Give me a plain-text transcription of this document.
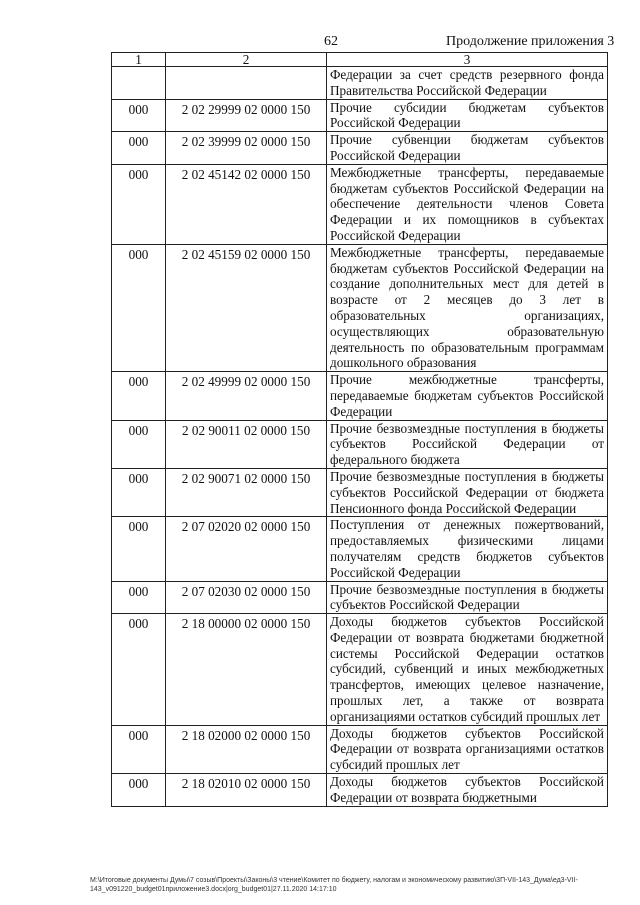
62	Продолжение приложения 3
1	2	3
		Федерации за счет средств резервного фонда Правительства Российской Федерации
000	2 02 29999 02 0000 150	Прочие субсидии бюджетам субъектов Российской Федерации
000	2 02 39999 02 0000 150	Прочие субвенции бюджетам субъектов Российской Федерации
000	2 02 45142 02 0000 150	Межбюджетные трансферты, передаваемые бюджетам субъектов Российской Федерации на обеспечение деятельности членов Совета Федерации и их помощников в субъектах Российской Федерации
000	2 02 45159 02 0000 150	Межбюджетные трансферты, передаваемые бюджетам субъектов Российской Федерации на создание дополнительных мест для детей в возрасте от 2 месяцев до 3 лет в образовательных организациях, осуществляющих образовательную деятельность по образовательным программам дошкольного образования
000	2 02 49999 02 0000 150	Прочие межбюджетные трансферты, передаваемые бюджетам субъектов Российской Федерации
000	2 02 90011 02 0000 150	Прочие безвозмездные поступления в бюджеты субъектов Российской Федерации от федерального бюджета
000	2 02 90071 02 0000 150	Прочие безвозмездные поступления в бюджеты субъектов Российской Федерации от бюджета Пенсионного фонда Российской Федерации
000	2 07 02020 02 0000 150	Поступления от денежных пожертвований, предоставляемых физическими лицами получателям средств бюджетов субъектов Российской Федерации
000	2 07 02030 02 0000 150	Прочие безвозмездные поступления в бюджеты субъектов Российской Федерации
000	2 18 00000 02 0000 150	Доходы бюджетов субъектов Российской Федерации от возврата бюджетами бюджетной системы Российской Федерации остатков субсидий, субвенций и иных межбюджетных трансфертов, имеющих целевое назначение, прошлых лет, а также от возврата организациями остатков субсидий прошлых лет
000	2 18 02000 02 0000 150	Доходы бюджетов субъектов Российской Федерации от возврата организациями остатков субсидий прошлых лет
000	2 18 02010 02 0000 150	Доходы бюджетов субъектов Российской Федерации от возврата бюджетными
М:\Итоговые документы Думы\7 созыв\Проекты\Законы\3 чтение\Комитет по бюджету, налогам и экономическому развитию\3П-VII-143_Дума\ед3-VII-143_v091220_budget01приложение3.docx|org_budget01|27.11.2020 14:17:10
